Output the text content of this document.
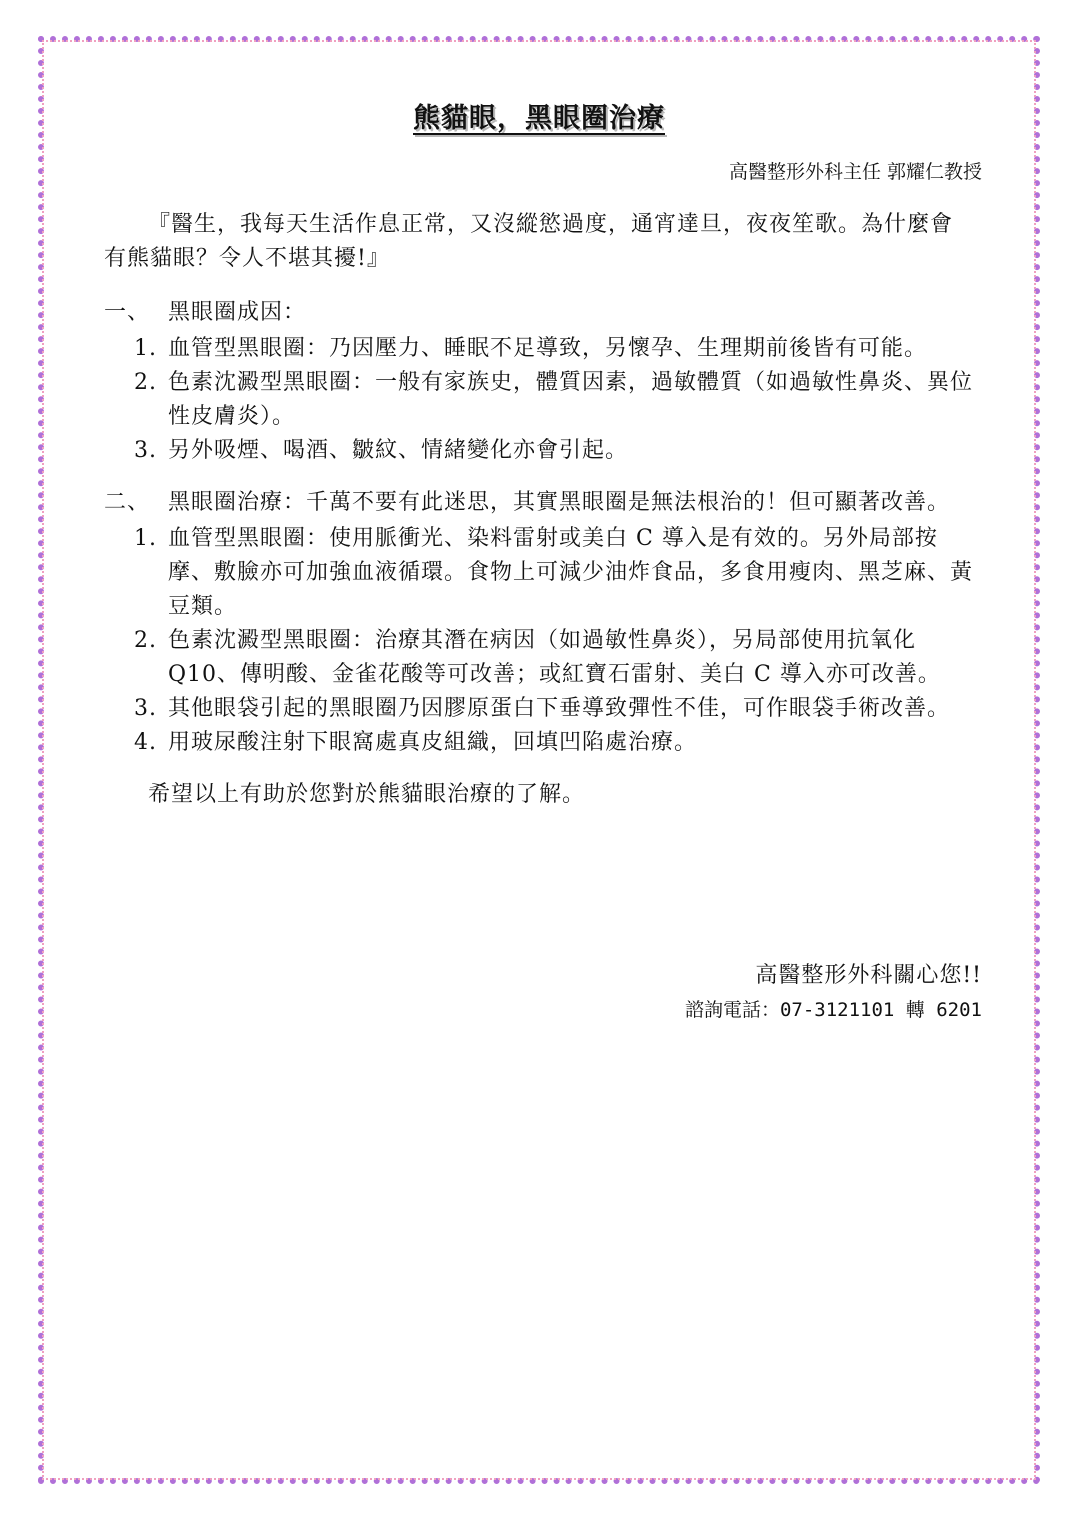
熊貓眼，黑眼圈治療
高醫整形外科主任 郭耀仁教授

『醫生，我每天生活作息正常，又沒縱慾過度，通宵達旦，夜夜笙歌。為什麼會有熊貓眼？令人不堪其擾!』

一、 黑眼圈成因：
1. 血管型黑眼圈：乃因壓力、睡眠不足導致，另懷孕、生理期前後皆有可能。
2. 色素沈澱型黑眼圈：一般有家族史，體質因素，過敏體質（如過敏性鼻炎、異位性皮膚炎）。
3. 另外吸煙、喝酒、皺紋、情緒變化亦會引起。
二、 黑眼圈治療：千萬不要有此迷思，其實黑眼圈是無法根治的！但可顯著改善。
1. 血管型黑眼圈：使用脈衝光、染料雷射或美白 C 導入是有效的。另外局部按摩、敷臉亦可加強血液循環。食物上可減少油炸食品，多食用瘦肉、黑芝麻、黃豆類。
2. 色素沈澱型黑眼圈：治療其潛在病因（如過敏性鼻炎），另局部使用抗氧化 Q10、傳明酸、金雀花酸等可改善；或紅寶石雷射、美白 C 導入亦可改善。
3. 其他眼袋引起的黑眼圈乃因膠原蛋白下垂導致彈性不佳，可作眼袋手術改善。
4. 用玻尿酸注射下眼窩處真皮組織，回填凹陷處治療。

希望以上有助於您對於熊貓眼治療的了解。

高醫整形外科關心您!!
諮詢電話：07-3121101 轉 6201
